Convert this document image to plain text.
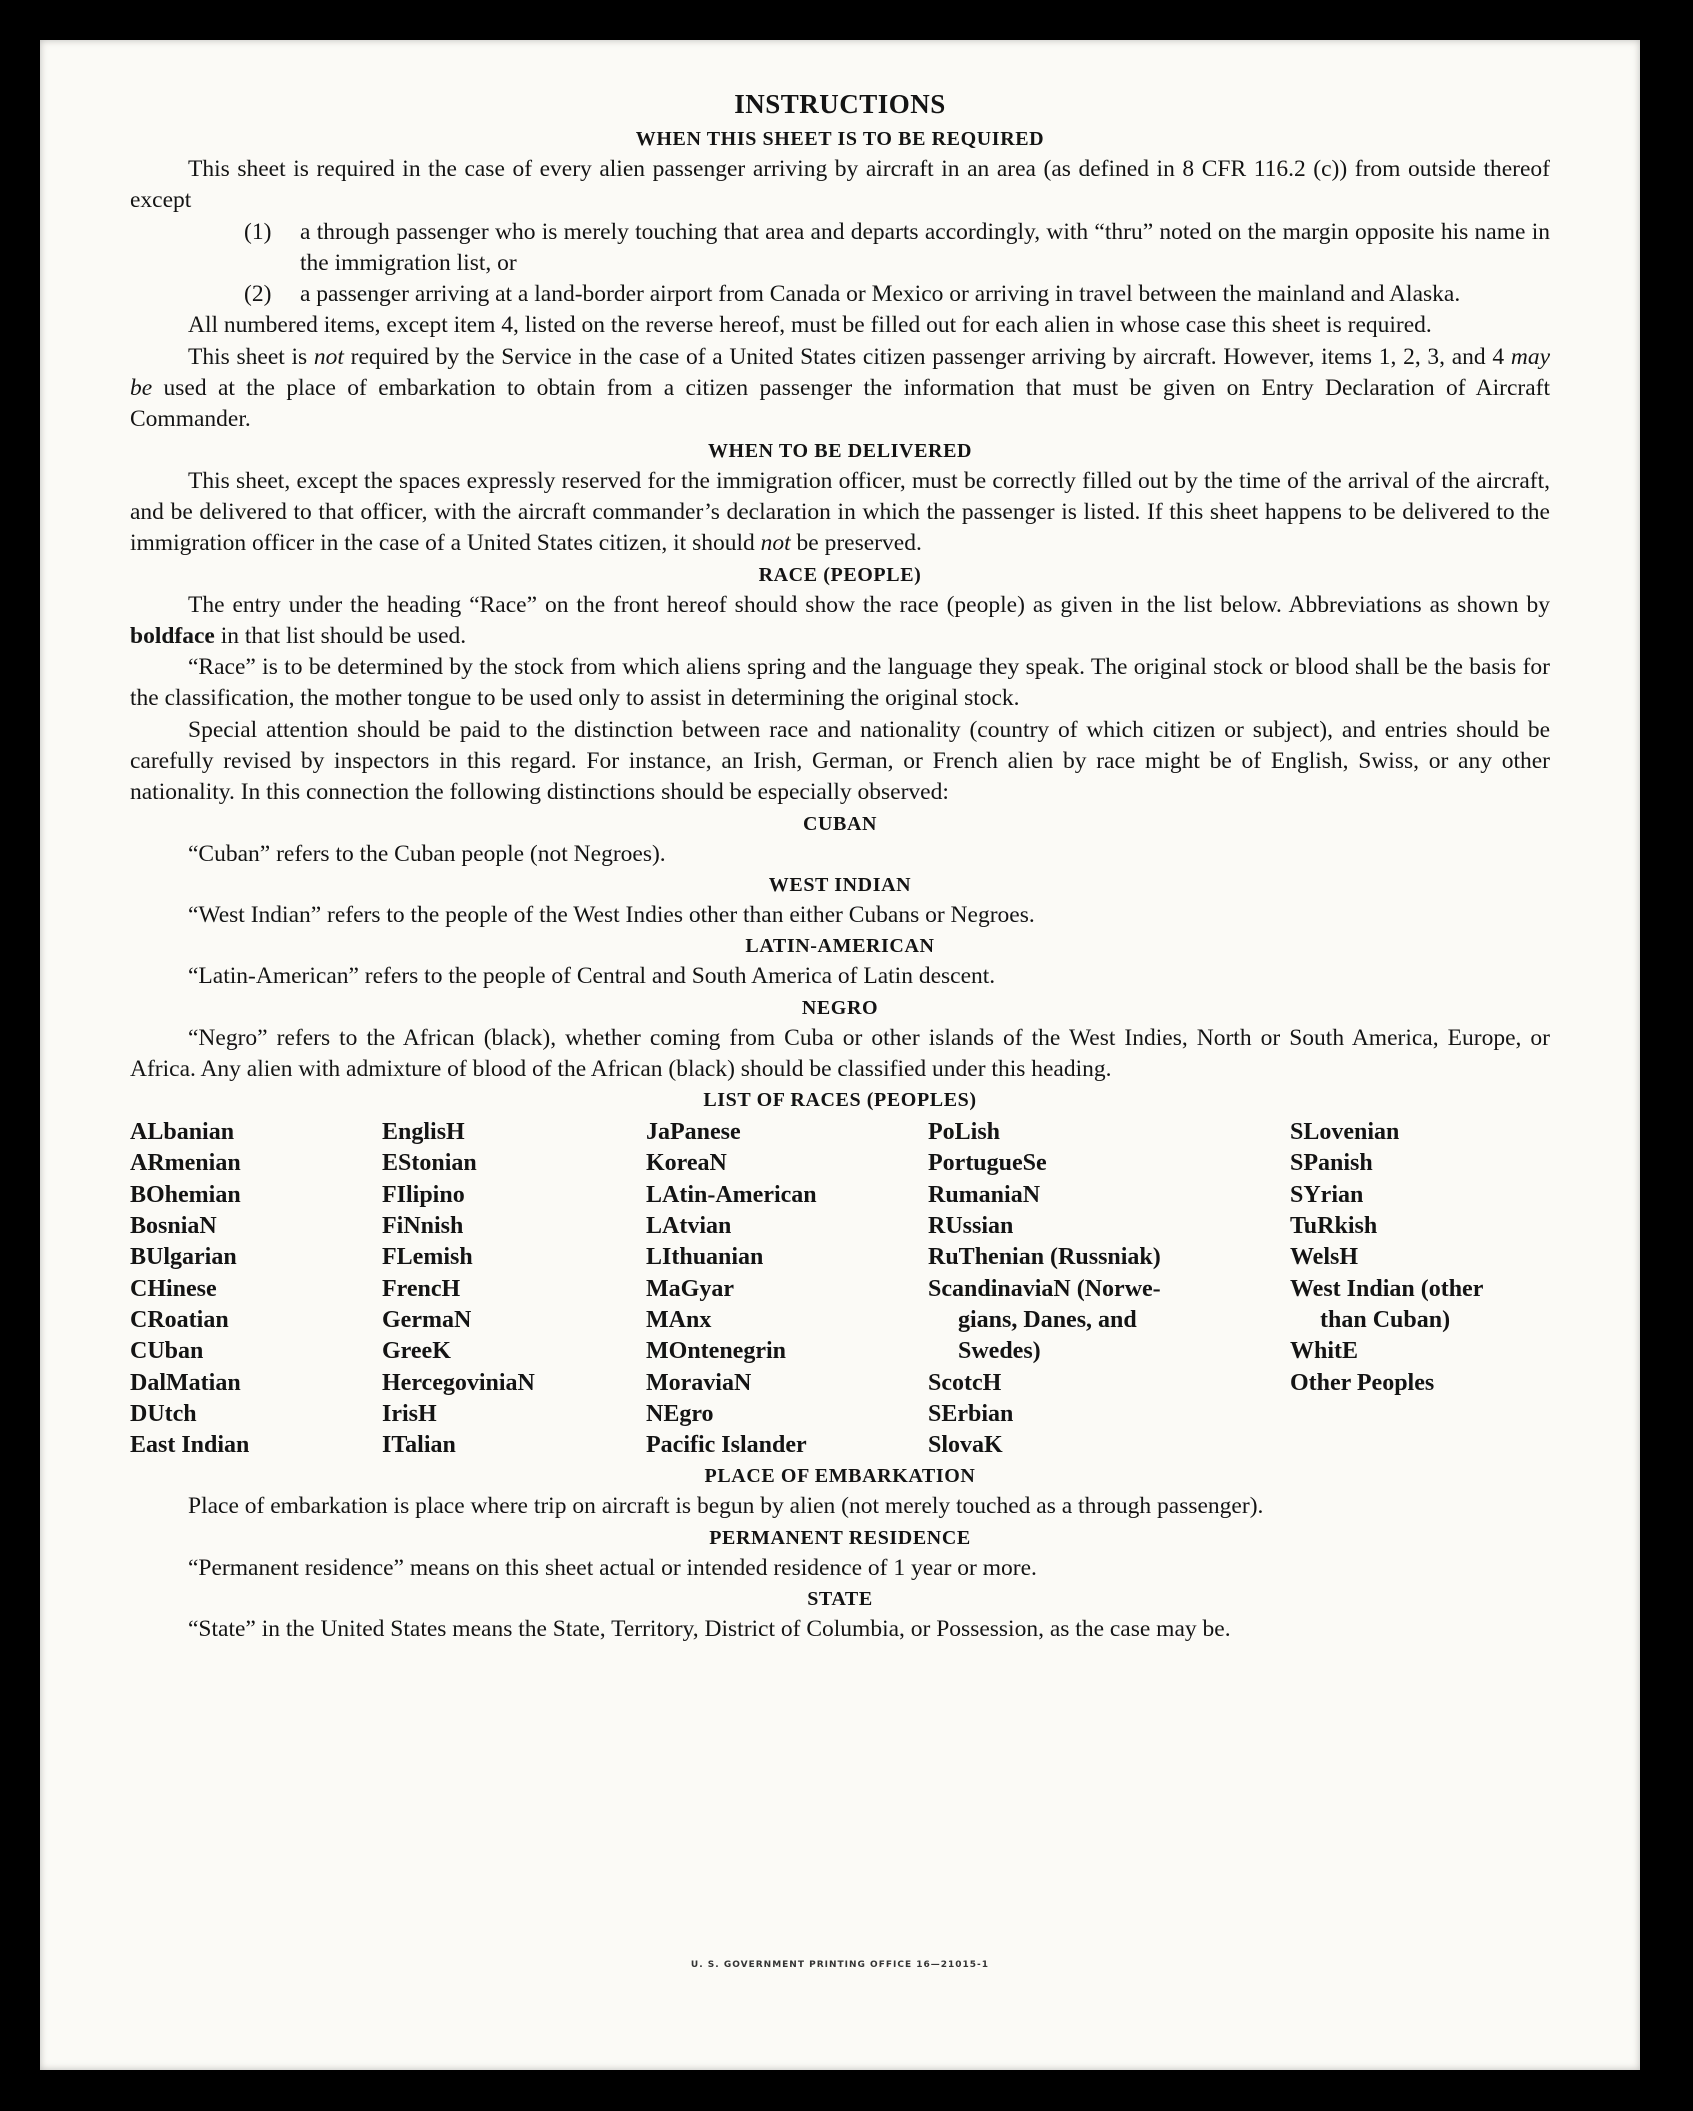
INSTRUCTIONS
WHEN THIS SHEET IS TO BE REQUIRED

This sheet is required in the case of every alien passenger arriving by aircraft in an area (as defined in 8 CFR 116.2 (c)) from outside thereof except

(1)	a through passenger who is merely touching that area and departs accordingly, with “thru” noted on the margin opposite his name in the immigration list, or
(2)	a passenger arriving at a land-border airport from Canada or Mexico or arriving in travel between the mainland and Alaska.

All numbered items, except item 4, listed on the reverse hereof, must be filled out for each alien in whose case this sheet is required.

This sheet is not required by the Service in the case of a United States citizen passenger arriving by aircraft. However, items 1, 2, 3, and 4 may be used at the place of embarkation to obtain from a citizen passenger the information that must be given on Entry Declaration of Aircraft Commander.

WHEN TO BE DELIVERED

This sheet, except the spaces expressly reserved for the immigration officer, must be correctly filled out by the time of the arrival of the aircraft, and be delivered to that officer, with the aircraft commander’s declaration in which the passenger is listed. If this sheet happens to be delivered to the immigration officer in the case of a United States citizen, it should not be preserved.

RACE (PEOPLE)

The entry under the heading “Race” on the front hereof should show the race (people) as given in the list below. Abbreviations as shown by boldface in that list should be used.

“Race” is to be determined by the stock from which aliens spring and the language they speak. The original stock or blood shall be the basis for the classification, the mother tongue to be used only to assist in determining the original stock.

Special attention should be paid to the distinction between race and nationality (country of which citizen or subject), and entries should be carefully revised by inspectors in this regard. For instance, an Irish, German, or French alien by race might be of English, Swiss, or any other nationality. In this connection the following distinctions should be especially observed:

CUBAN

“Cuban” refers to the Cuban people (not Negroes).

WEST INDIAN

“West Indian” refers to the people of the West Indies other than either Cubans or Negroes.

LATIN-AMERICAN

“Latin-American” refers to the people of Central and South America of Latin descent.

NEGRO

“Negro” refers to the African (black), whether coming from Cuba or other islands of the West Indies, North or South America, Europe, or Africa. Any alien with admixture of blood of the African (black) should be classified under this heading.

LIST OF RACES (PEOPLES)
ALbanian
ARmenian
BOhemian
BosniaN
BUlgarian
CHinese
CRoatian
CUban
DalMatian
DUtch
East Indian
EnglisH
EStonian
FIlipino
FiNnish
FLemish
FrencH
GermaN
GreeK
HercegoviniaN
IrisH
ITalian
JaPanese
KoreaN
LAtin-American
LAtvian
LIthuanian
MaGyar
MAnx
MOntenegrin
MoraviaN
NEgro
Pacific Islander
PoLish
PortugueSe
RumaniaN
RUssian
RuThenian (Russniak)
ScandinaviaN (Norwe-
gians, Danes, and
Swedes)
ScotcH
SErbian
SlovaK
SLovenian
SPanish
SYrian
TuRkish
WelsH
West Indian (other
than Cuban)
WhitE
Other Peoples
PLACE OF EMBARKATION

Place of embarkation is place where trip on aircraft is begun by alien (not merely touched as a through passenger).

PERMANENT RESIDENCE

“Permanent residence” means on this sheet actual or intended residence of 1 year or more.

STATE

“State” in the United States means the State, Territory, District of Columbia, or Possession, as the case may be.

U. S. GOVERNMENT PRINTING OFFICE 16—21015-1
